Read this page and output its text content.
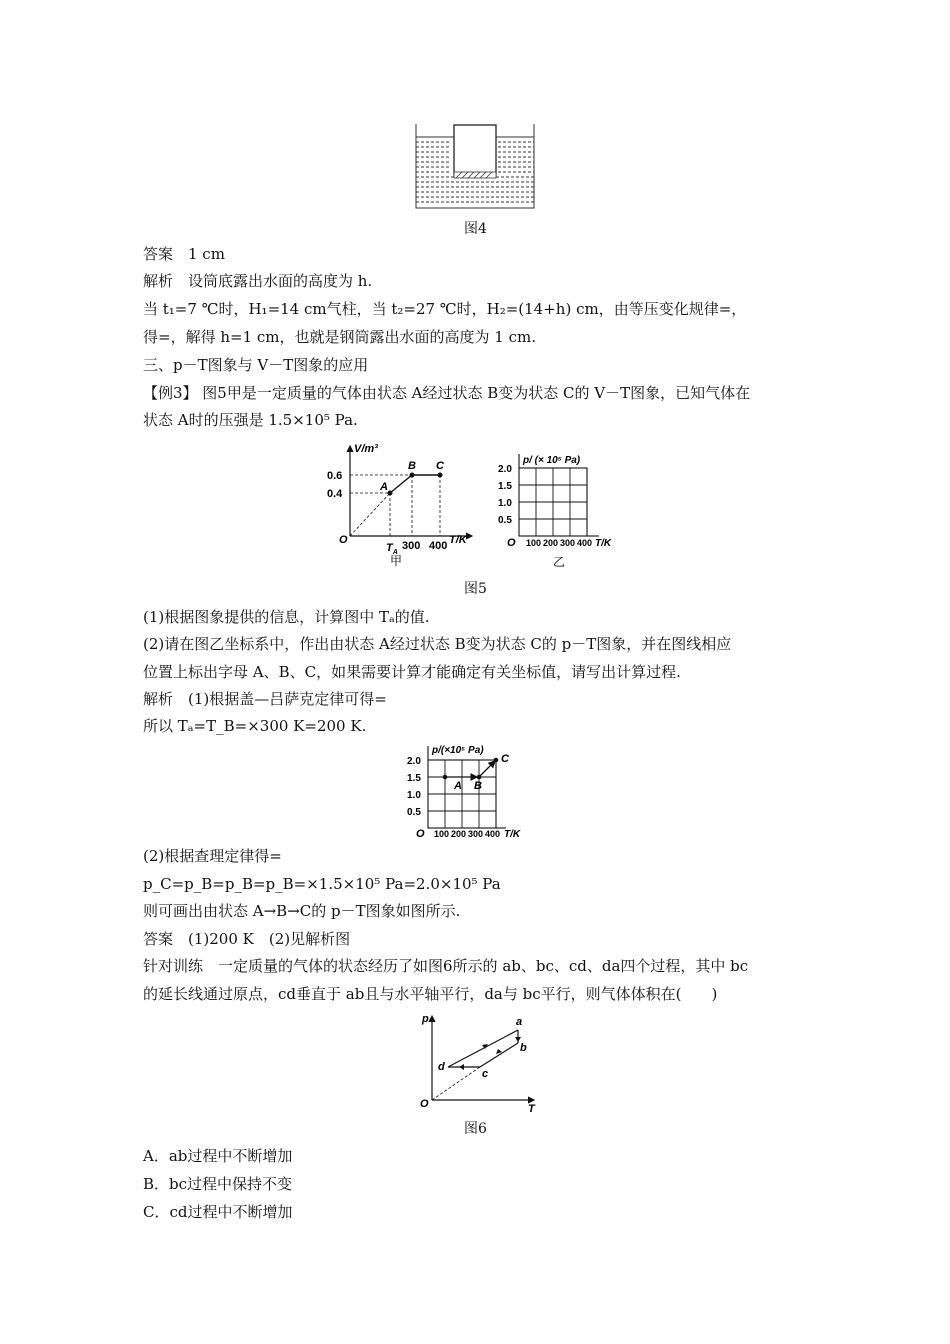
图4
答案　1 cm
解析　设筒底露出水面的高度为 h.
当 t₁=7 ℃时，H₁=14 cm气柱，当 t₂=27 ℃时，H₂=(14+h) cm，由等压变化规律=，
得=，解得 h=1 cm，也就是钢筒露出水面的高度为 1 cm.
三、p－T图象与 V－T图象的应用
【例3】 图5甲是一定质量的气体由状态 A经过状态 B变为状态 C的 V－T图象，已知气体在
状态 A时的压强是 1.5×10⁵ Pa.
V/m³
T/K
O
0.6
0.4
A
B C
$T_A$
300 400
甲
p/ (× 10⁵ Pa)
2.0
1.5
1.0
0.5
O 100 200 300 400 T/K
乙
图5
(1)根据图象提供的信息，计算图中 Tₐ的值.
(2)请在图乙坐标系中，作出由状态 A经过状态 B变为状态 C的 p－T图象，并在图线相应
位置上标出字母 A、B、C，如果需要计算才能确定有关坐标值，请写出计算过程.
解析　(1)根据盖—吕萨克定律可得=
所以 Tₐ=T_B=×300 K=200 K.
A B
C
p/(×10⁵ Pa)
2.0
1.5
1.0
0.5
O 100 200 300 400 T/K
(2)根据查理定律得=
p_C=p_B=p_B=p_B=×1.5×10⁵ Pa=2.0×10⁵ Pa
则可画出由状态 A→B→C的 p－T图象如图所示.
答案　(1)200 K　(2)见解析图
针对训练　一定质量的气体的状态经历了如图6所示的 ab、bc、cd、da四个过程，其中 bc
的延长线通过原点，cd垂直于 ab且与水平轴平行，da与 bc平行，则气体体积在(　　)
p
T
O
a
b
c
d
图6
A．ab过程中不断增加
B．bc过程中保持不变
C．cd过程中不断增加
